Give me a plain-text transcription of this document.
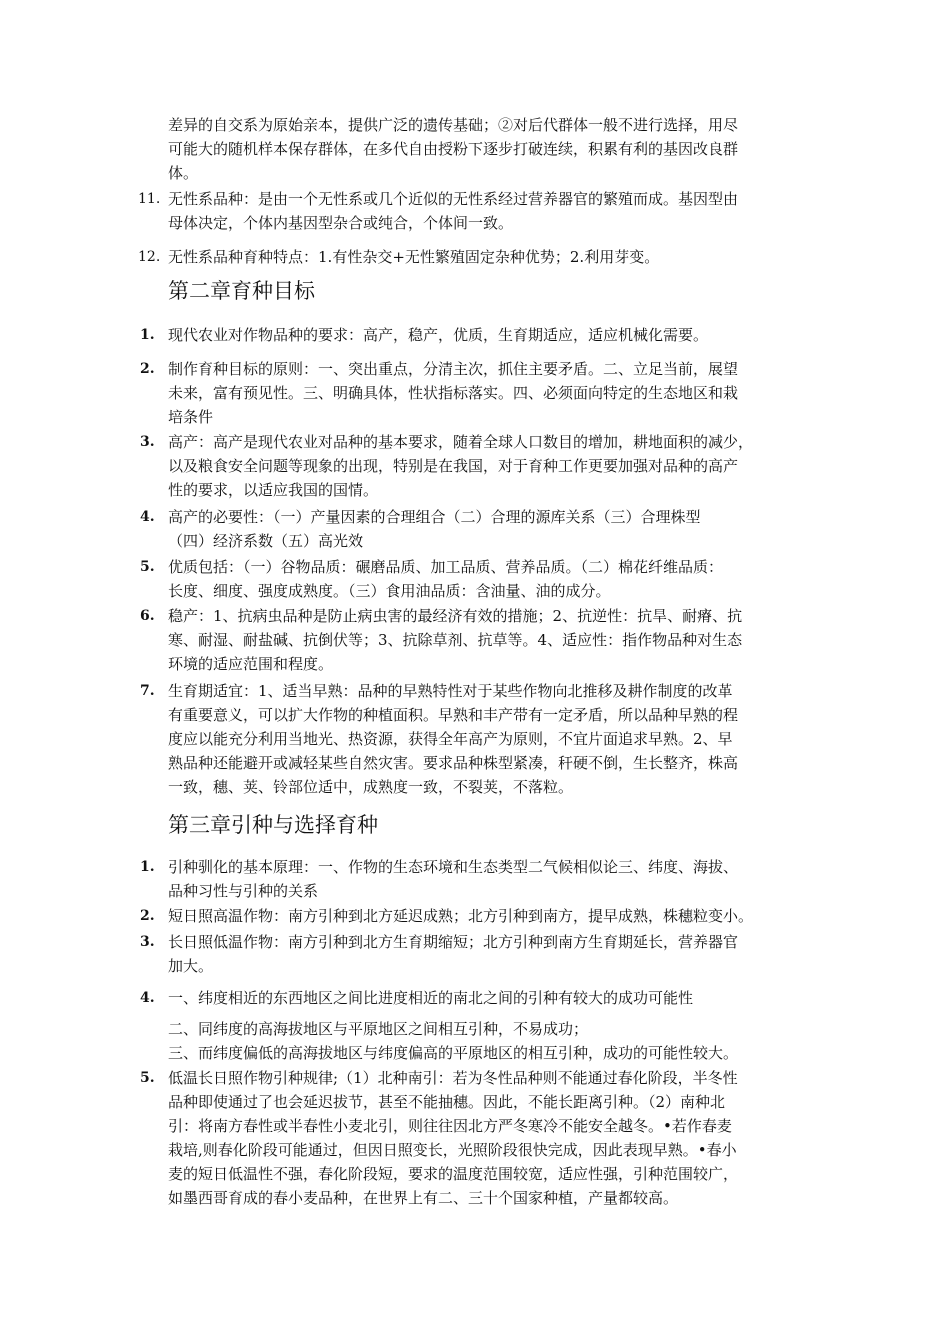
差异的自交系为原始亲本，提供广泛的遗传基础；②对后代群体一般不进行选择，用尽
可能大的随机样本保存群体，在多代自由授粉下逐步打破连续，积累有利的基因改良群
体。
11. 无性系品种：是由一个无性系或几个近似的无性系经过营养器官的繁殖而成。基因型由
母体决定，个体内基因型杂合或纯合，个体间一致。
12. 无性系品种育种特点：1.有性杂交+无性繁殖固定杂种优势；2.利用芽变。
第二章育种目标
1. 现代农业对作物品种的要求：高产，稳产，优质，生育期适应，适应机械化需要。
2. 制作育种目标的原则：一、突出重点，分清主次，抓住主要矛盾。二、立足当前，展望
未来，富有预见性。三、明确具体，性状指标落实。四、必须面向特定的生态地区和栽
培条件
3. 高产：高产是现代农业对品种的基本要求，随着全球人口数目的增加，耕地面积的减少，
以及粮食安全问题等现象的出现，特别是在我国，对于育种工作更要加强对品种的高产
性的要求，以适应我国的国情。
4. 高产的必要性：（一）产量因素的合理组合（二）合理的源库关系（三）合理株型
（四）经济系数（五）高光效
5. 优质包括：（一）谷物品质：碾磨品质、加工品质、营养品质。（二）棉花纤维品质：
长度、细度、强度成熟度。（三）食用油品质：含油量、油的成分。
6. 稳产：1、抗病虫品种是防止病虫害的最经济有效的措施；2、抗逆性：抗旱、耐瘠、抗
寒、耐湿、耐盐碱、抗倒伏等；3、抗除草剂、抗草等。4、适应性：指作物品种对生态
环境的适应范围和程度。
7. 生育期适宜：1、适当早熟：品种的早熟特性对于某些作物向北推移及耕作制度的改革
有重要意义，可以扩大作物的种植面积。早熟和丰产带有一定矛盾，所以品种早熟的程
度应以能充分利用当地光、热资源，获得全年高产为原则，不宜片面追求早熟。2、早
熟品种还能避开或减轻某些自然灾害。要求品种株型紧凑，秆硬不倒，生长整齐，株高
一致，穗、荚、铃部位适中，成熟度一致，不裂荚，不落粒。
第三章引种与选择育种
1. 引种驯化的基本原理：一、作物的生态环境和生态类型二气候相似论三、纬度、海拔、
品种习性与引种的关系
2. 短日照高温作物：南方引种到北方延迟成熟；北方引种到南方，提早成熟，株穗粒变小。
3. 长日照低温作物：南方引种到北方生育期缩短；北方引种到南方生育期延长，营养器官
加大。
4. 一、纬度相近的东西地区之间比进度相近的南北之间的引种有较大的成功可能性
二、同纬度的高海拔地区与平原地区之间相互引种，不易成功；
三、而纬度偏低的高海拔地区与纬度偏高的平原地区的相互引种，成功的可能性较大。
5. 低温长日照作物引种规律;（1）北种南引：若为冬性品种则不能通过春化阶段，半冬性
品种即使通过了也会延迟拔节，甚至不能抽穗。因此，不能长距离引种。（2）南种北
引：将南方春性或半春性小麦北引，则往往因北方严冬寒冷不能安全越冬。•若作春麦
栽培,则春化阶段可能通过，但因日照变长，光照阶段很快完成，因此表现早熟。•春小
麦的短日低温性不强，春化阶段短，要求的温度范围较宽，适应性强，引种范围较广，
如墨西哥育成的春小麦品种，在世界上有二、三十个国家种植，产量都较高。
